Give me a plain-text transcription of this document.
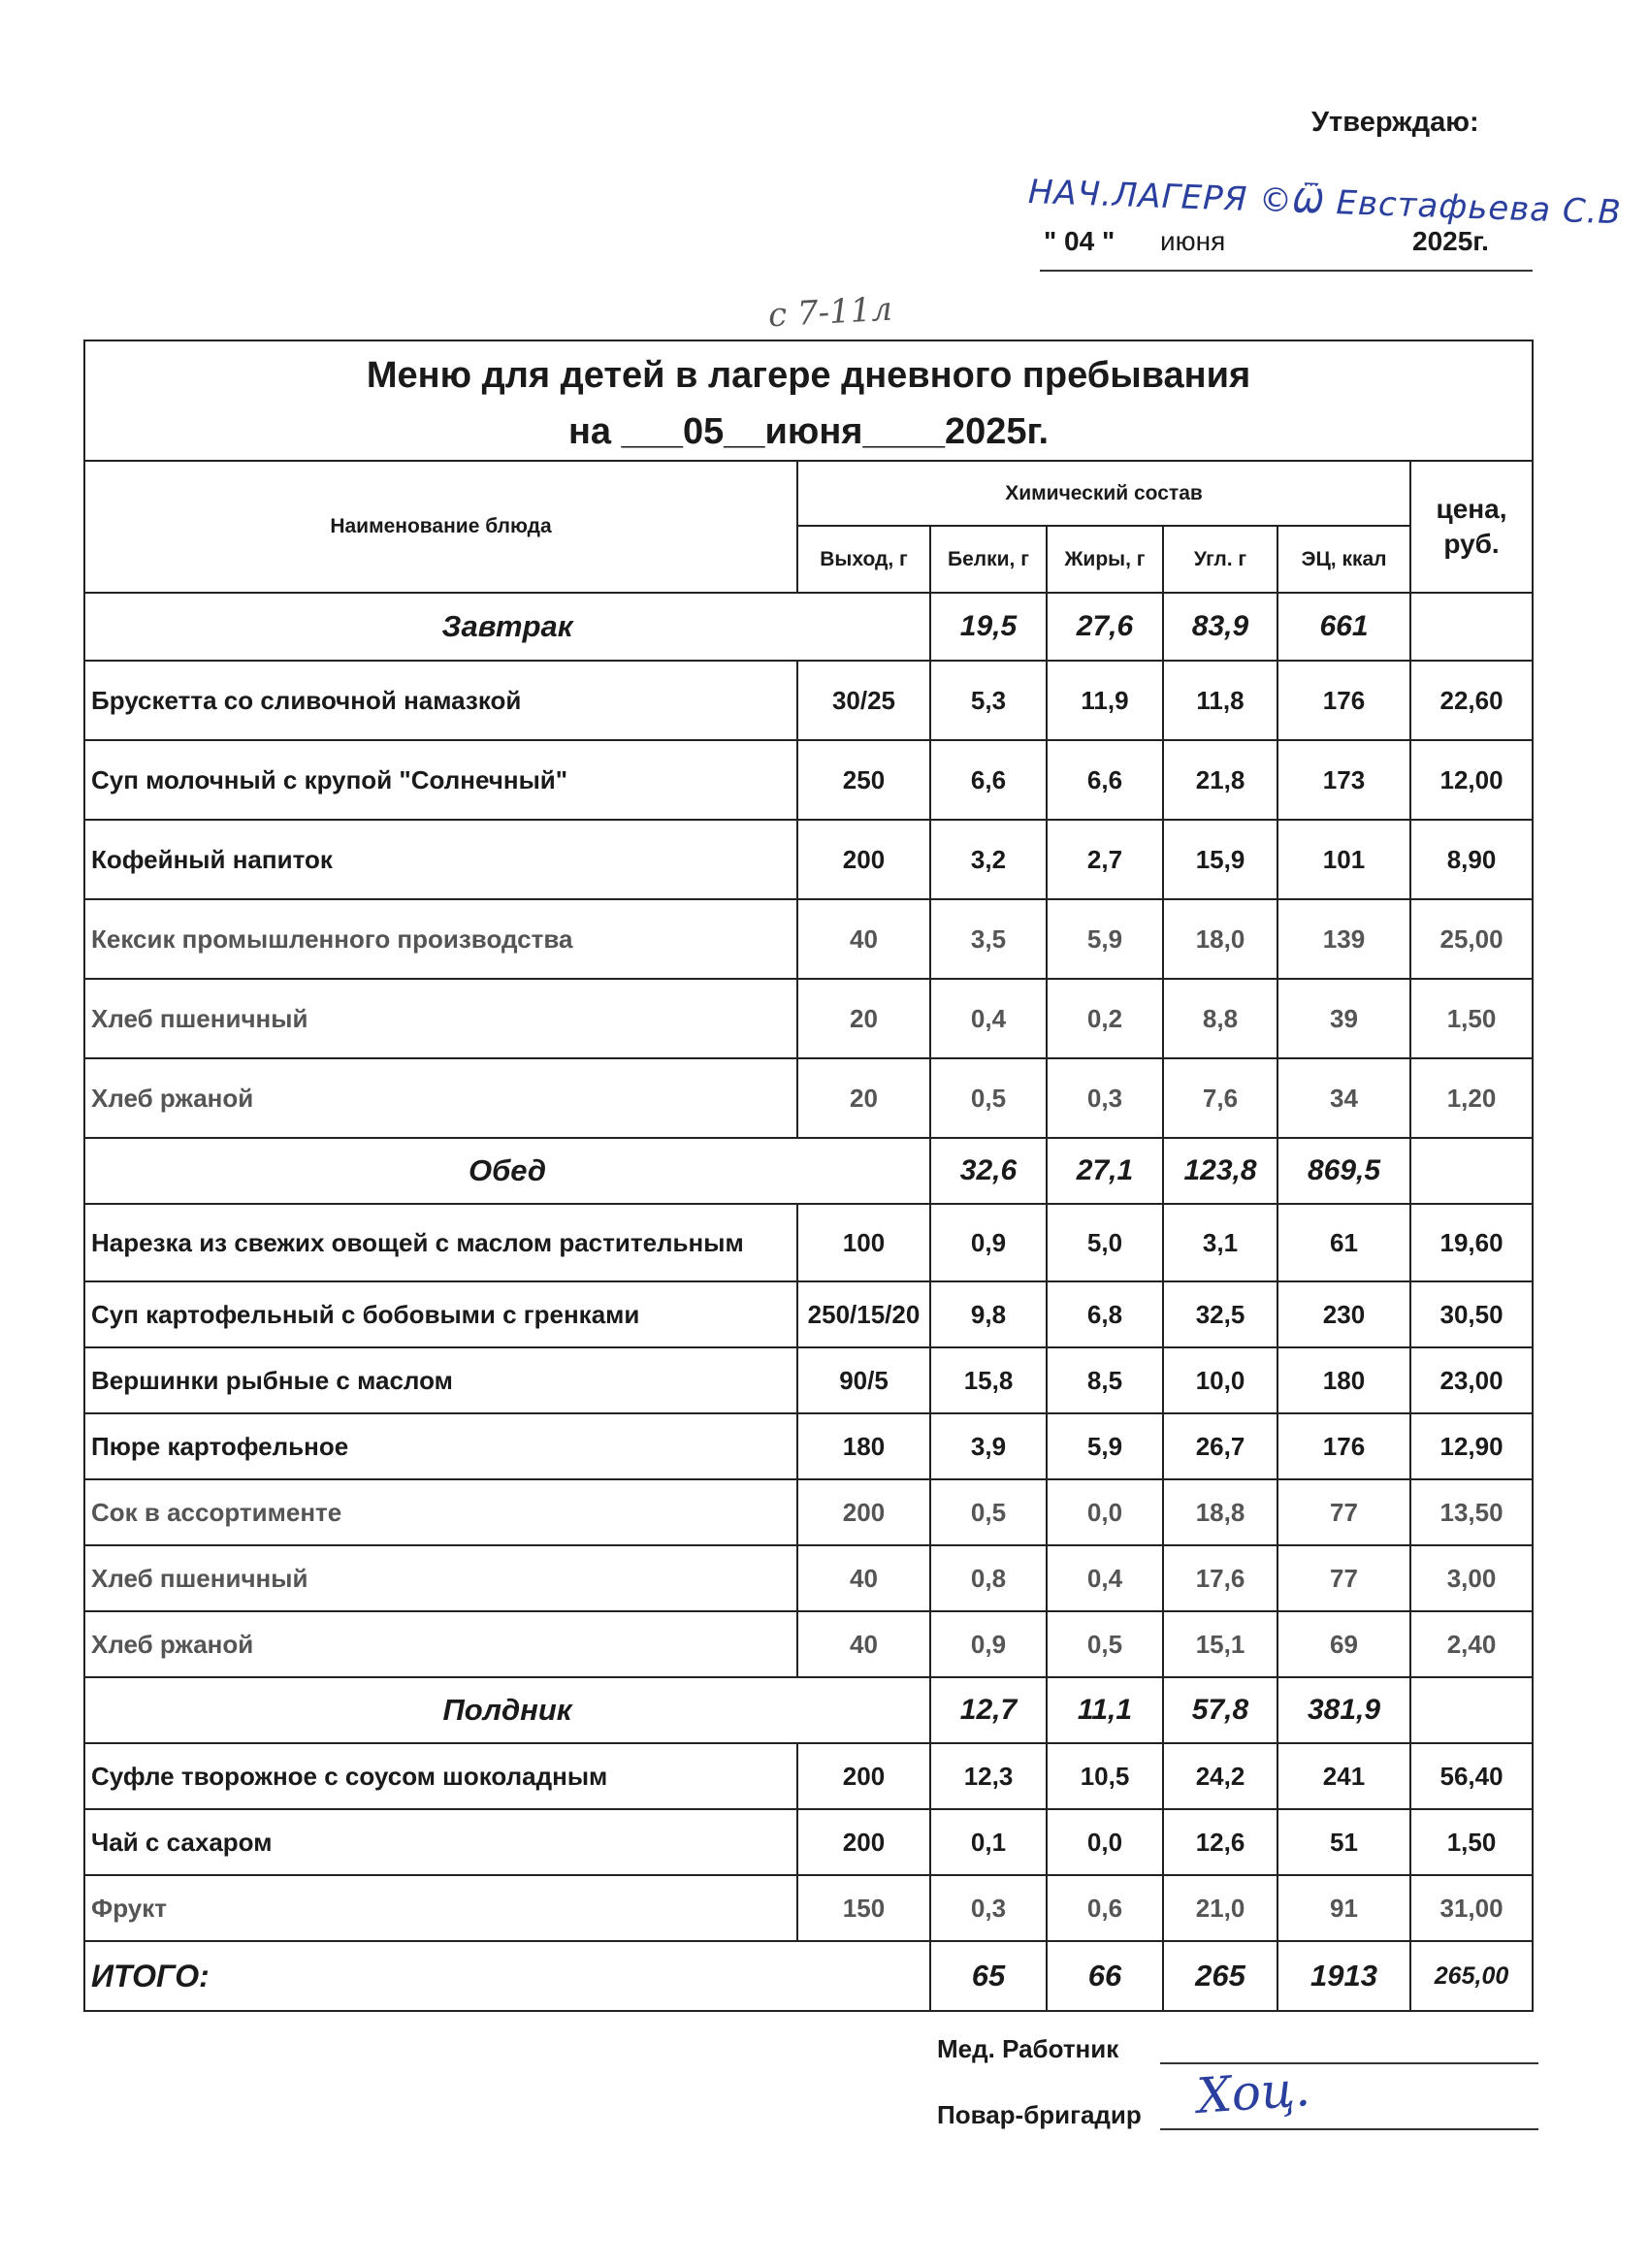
Утверждаю:
НАЧ.ЛАГЕРЯ ©Ѿ Евстафьева С.В
" 04 " июня	2025г.
с 7-11л
Меню для детей в лагере дневного пребывания
на ___05__июня____2025г.						

Наименование блюда	Химический состав					цена, руб.
	Выход, г	Белки, г	Жиры, г	Угл. г	ЭЦ, ккал	
Завтрак		19,5	27,6	83,9	661	
Брускетта со сливочной намазкой	30/25	5,3	11,9	11,8	176	22,60
Суп молочный с крупой "Солнечный"	250	6,6	6,6	21,8	173	12,00
Кофейный напиток	200	3,2	2,7	15,9	101	8,90
Кексик промышленного производства	40	3,5	5,9	18,0	139	25,00
Хлеб пшеничный	20	0,4	0,2	8,8	39	1,50
Хлеб ржаной	20	0,5	0,3	7,6	34	1,20
Обед		32,6	27,1	123,8	869,5	
Нарезка из свежих овощей с маслом растительным	100	0,9	5,0	3,1	61	19,60
Суп картофельный с бобовыми с гренками	250/15/20	9,8	6,8	32,5	230	30,50
Вершинки рыбные с маслом	90/5	15,8	8,5	10,0	180	23,00
Пюре картофельное	180	3,9	5,9	26,7	176	12,90
Сок в ассортименте	200	0,5	0,0	18,8	77	13,50
Хлеб пшеничный	40	0,8	0,4	17,6	77	3,00
Хлеб ржаной	40	0,9	0,5	15,1	69	2,40
Полдник		12,7	11,1	57,8	381,9	
Суфле творожное с соусом шоколадным	200	12,3	10,5	24,2	241	56,40
Чай с сахаром	200	0,1	0,0	12,6	51	1,50
Фрукт	150	0,3	0,6	21,0	91	31,00
ИТОГО:		65	66	265	1913	265,00
Мед. Работник
Повар-бригадир Хоц.
